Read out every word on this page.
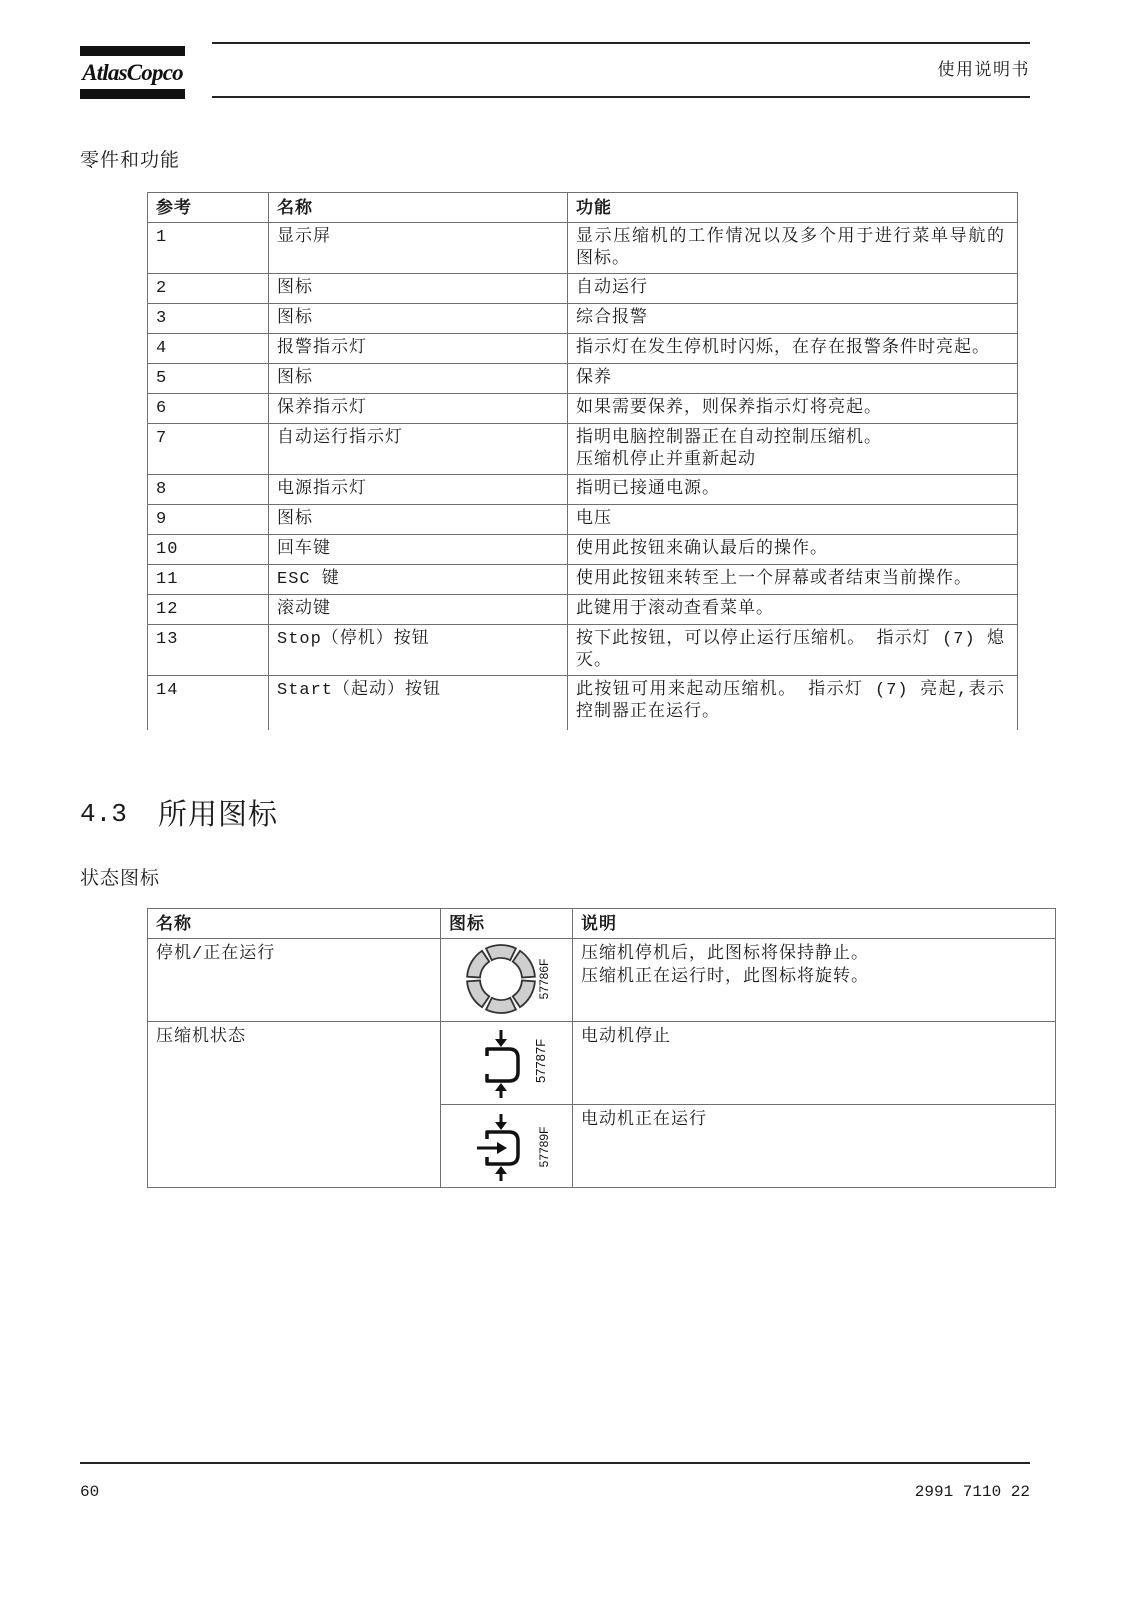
AtlasCopco	使用说明书
零件和功能
参考	名称	功能
1	显示屏	显示压缩机的工作情况以及多个用于进行菜单导航的图标。
2	图标	自动运行
3	图标	综合报警
4	报警指示灯	指示灯在发生停机时闪烁，在存在报警条件时亮起。
5	图标	保养
6	保养指示灯	如果需要保养，则保养指示灯将亮起。
7	自动运行指示灯	指明电脑控制器正在自动控制压缩机。
压缩机停止并重新起动
8	电源指示灯	指明已接通电源。
9	图标	电压
10	回车键	使用此按钮来确认最后的操作。
11	ESC 键	使用此按钮来转至上一个屏幕或者结束当前操作。
12	滚动键	此键用于滚动查看菜单。
13	Stop（停机）按钮	按下此按钮，可以停止运行压缩机。 指示灯 (7) 熄灭。
14	Start（起动）按钮	此按钮可用来起动压缩机。 指示灯 (7) 亮起,表示控制器正在运行。
4.3 所用图标
状态图标
名称	图标	说明
停机/正在运行	57786F	压缩机停机后，此图标将保持静止。
压缩机正在运行时，此图标将旋转。
压缩机状态	57787F	电动机停止

57789F	电动机正在运行
60	2991 7110 22
